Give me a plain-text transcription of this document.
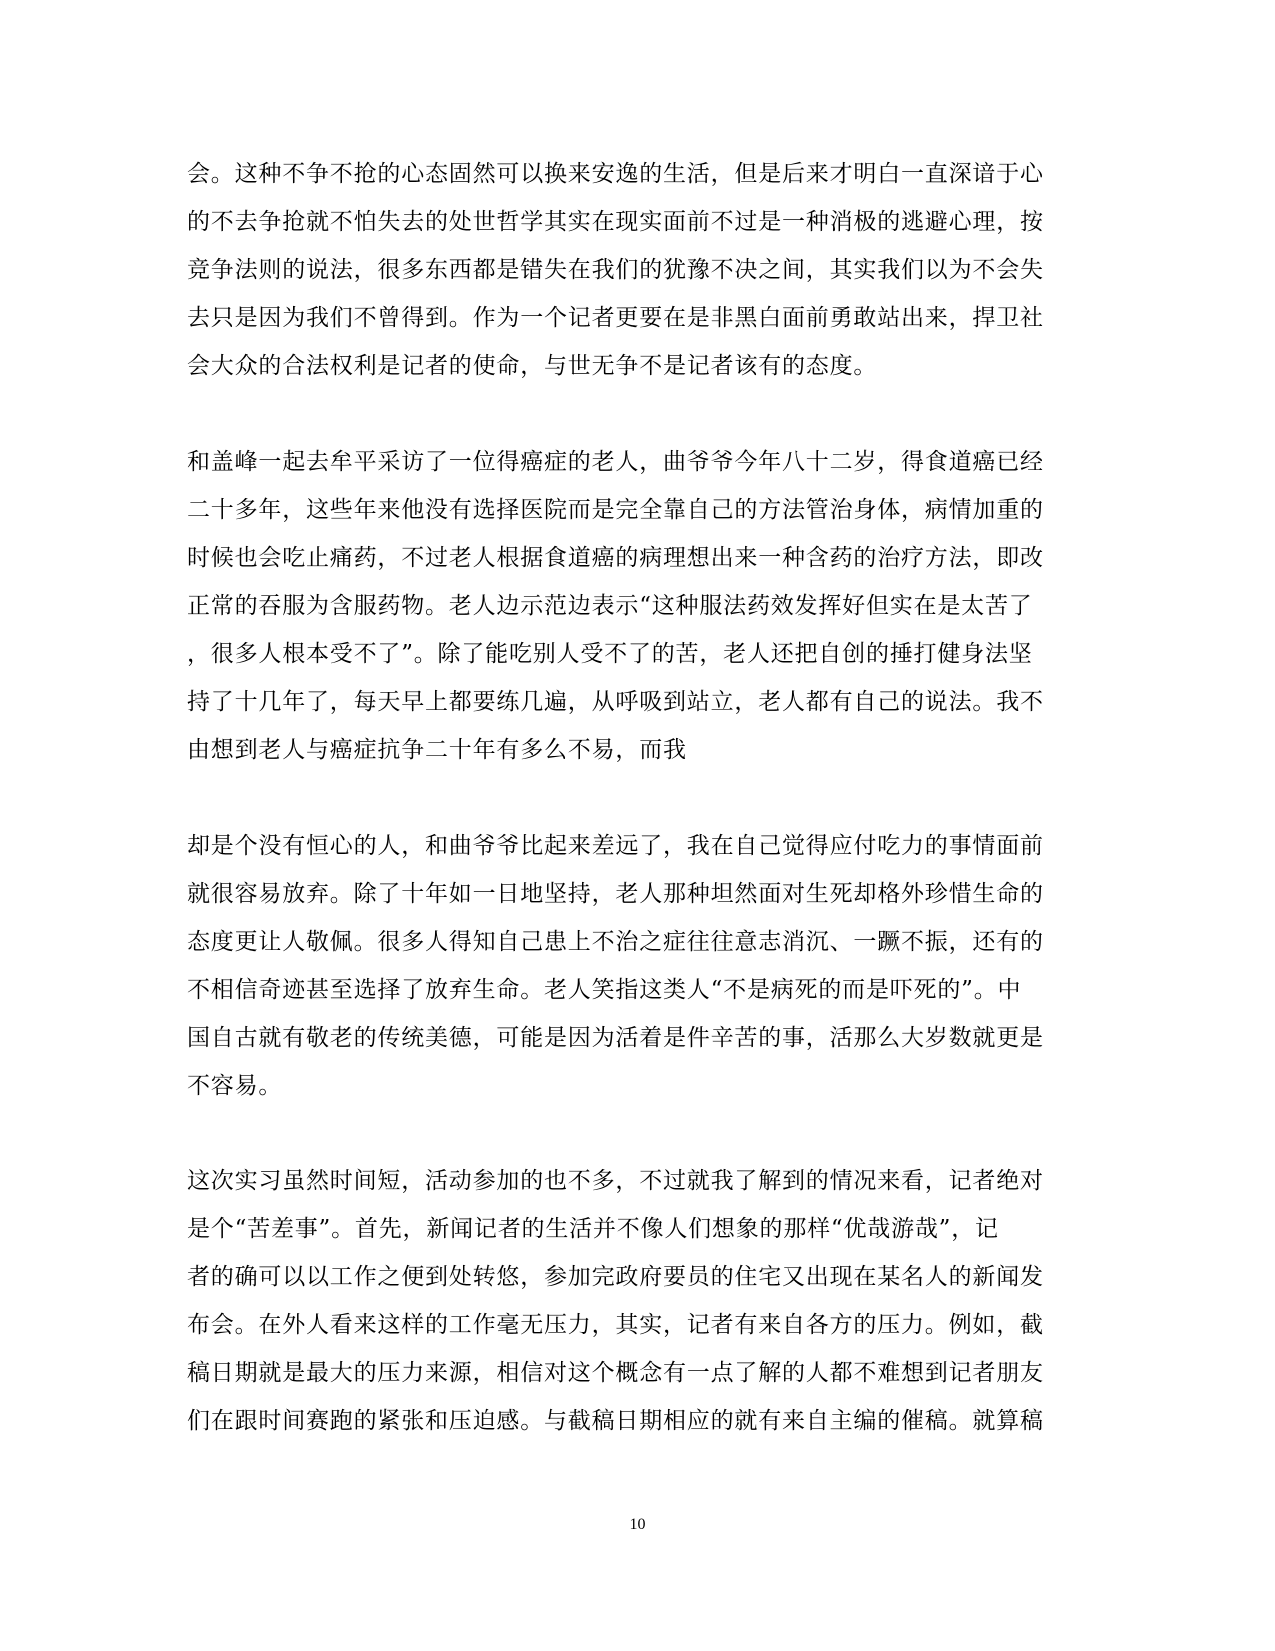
会。这种不争不抢的心态固然可以换来安逸的生活，但是后来才明白一直深谙于心
的不去争抢就不怕失去的处世哲学其实在现实面前不过是一种消极的逃避心理，按
竞争法则的说法，很多东西都是错失在我们的犹豫不决之间，其实我们以为不会失
去只是因为我们不曾得到。作为一个记者更要在是非黑白面前勇敢站出来，捍卫社
会大众的合法权利是记者的使命，与世无争不是记者该有的态度。
和盖峰一起去牟平采访了一位得癌症的老人，曲爷爷今年八十二岁，得食道癌已经
二十多年，这些年来他没有选择医院而是完全靠自己的方法管治身体，病情加重的
时候也会吃止痛药，不过老人根据食道癌的病理想出来一种含药的治疗方法，即改
正常的吞服为含服药物。老人边示范边表示“这种服法药效发挥好但实在是太苦了
，很多人根本受不了”。除了能吃别人受不了的苦，老人还把自创的捶打健身法坚
持了十几年了，每天早上都要练几遍，从呼吸到站立，老人都有自己的说法。我不
由想到老人与癌症抗争二十年有多么不易，而我
却是个没有恒心的人，和曲爷爷比起来差远了，我在自己觉得应付吃力的事情面前
就很容易放弃。除了十年如一日地坚持，老人那种坦然面对生死却格外珍惜生命的
态度更让人敬佩。很多人得知自己患上不治之症往往意志消沉、一蹶不振，还有的
不相信奇迹甚至选择了放弃生命。老人笑指这类人“不是病死的而是吓死的”。中
国自古就有敬老的传统美德，可能是因为活着是件辛苦的事，活那么大岁数就更是
不容易。
这次实习虽然时间短，活动参加的也不多，不过就我了解到的情况来看，记者绝对
是个“苦差事”。首先，新闻记者的生活并不像人们想象的那样“优哉游哉”，记
者的确可以以工作之便到处转悠，参加完政府要员的住宅又出现在某名人的新闻发
布会。在外人看来这样的工作毫无压力，其实，记者有来自各方的压力。例如，截
稿日期就是最大的压力来源，相信对这个概念有一点了解的人都不难想到记者朋友
们在跟时间赛跑的紧张和压迫感。与截稿日期相应的就有来自主编的催稿。就算稿
10
